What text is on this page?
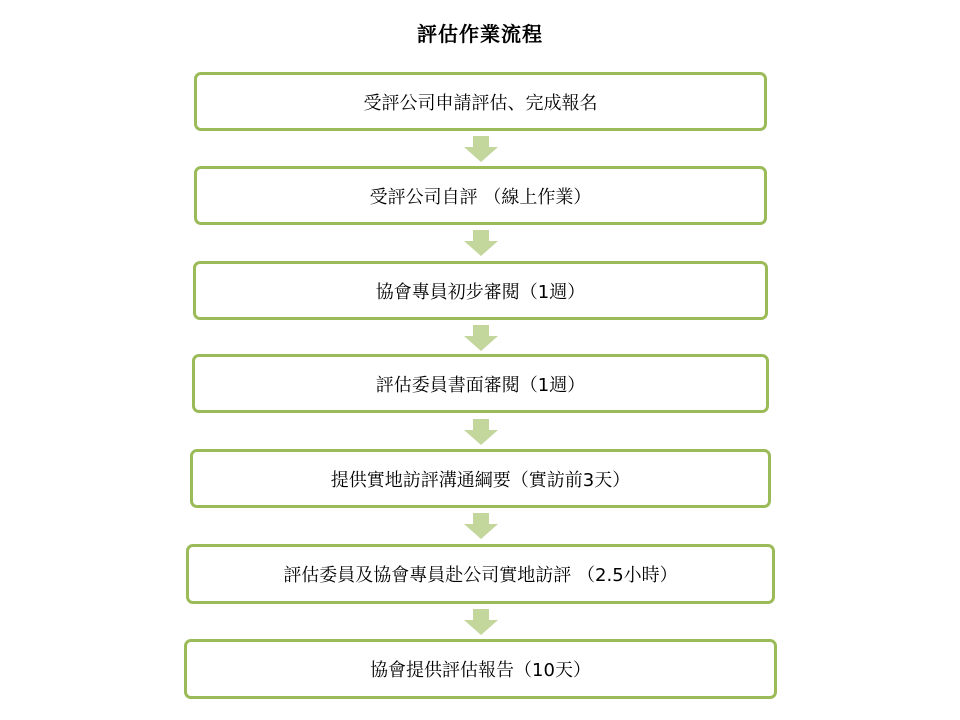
評估作業流程
受評公司申請評估、完成報名
受評公司自評 （線上作業）
協會專員初步審閱（1週）
評估委員書面審閱（1週）
提供實地訪評溝通綱要（實訪前3天）
評估委員及協會專員赴公司實地訪評 （2.5小時）
協會提供評估報告（10天）
